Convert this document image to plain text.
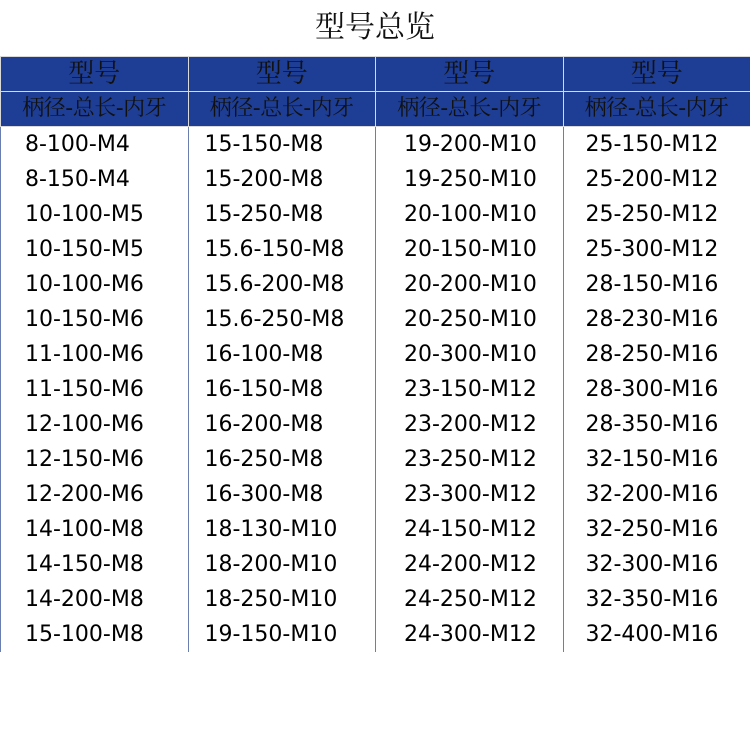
型号总览
型号	型号	型号	型号
柄径-总长-内牙	柄径-总长-内牙	柄径-总长-内牙	柄径-总长-内牙
8-100-M4	15-150-M8	19-200-M10	25-150-M12
8-150-M4	15-200-M8	19-250-M10	25-200-M12
10-100-M5	15-250-M8	20-100-M10	25-250-M12
10-150-M5	15.6-150-M8	20-150-M10	25-300-M12
10-100-M6	15.6-200-M8	20-200-M10	28-150-M16
10-150-M6	15.6-250-M8	20-250-M10	28-230-M16
11-100-M6	16-100-M8	20-300-M10	28-250-M16
11-150-M6	16-150-M8	23-150-M12	28-300-M16
12-100-M6	16-200-M8	23-200-M12	28-350-M16
12-150-M6	16-250-M8	23-250-M12	32-150-M16
12-200-M6	16-300-M8	23-300-M12	32-200-M16
14-100-M8	18-130-M10	24-150-M12	32-250-M16
14-150-M8	18-200-M10	24-200-M12	32-300-M16
14-200-M8	18-250-M10	24-250-M12	32-350-M16
15-100-M8	19-150-M10	24-300-M12	32-400-M16
